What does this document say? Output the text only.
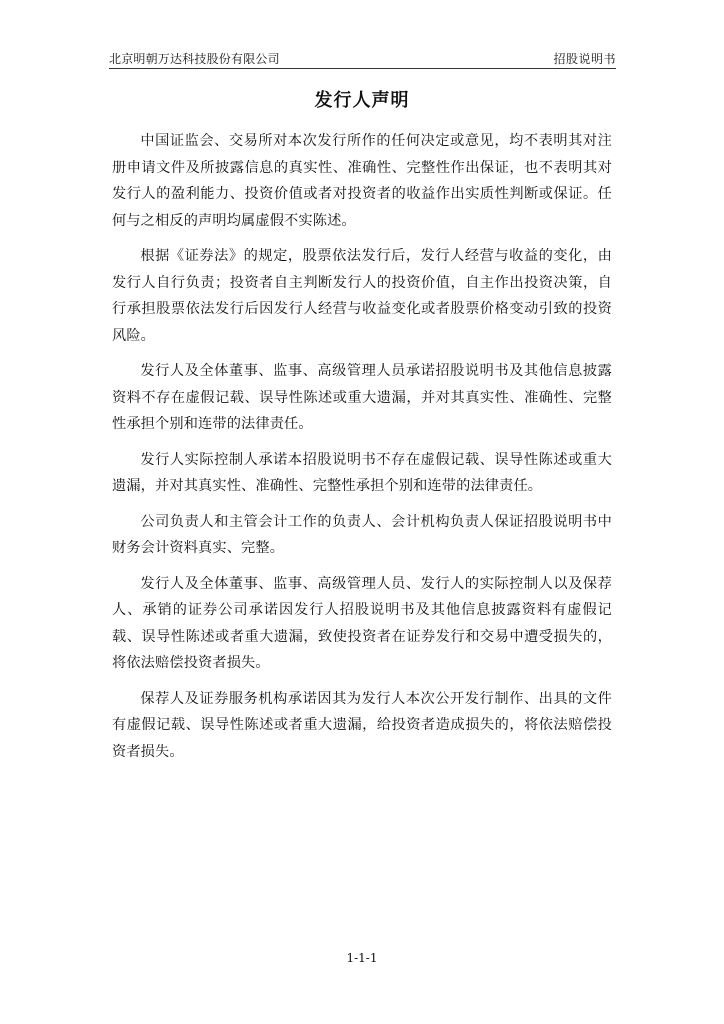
北京明朝万达科技股份有限公司	招股说明书
发行人声明

中国证监会、交易所对本次发行所作的任何决定或意见，均不表明其对注册申请文件及所披露信息的真实性、准确性、完整性作出保证，也不表明其对发行人的盈利能力、投资价值或者对投资者的收益作出实质性判断或保证。任何与之相反的声明均属虚假不实陈述。

根据《证券法》的规定，股票依法发行后，发行人经营与收益的变化，由发行人自行负责；投资者自主判断发行人的投资价值，自主作出投资决策，自行承担股票依法发行后因发行人经营与收益变化或者股票价格变动引致的投资风险。

发行人及全体董事、监事、高级管理人员承诺招股说明书及其他信息披露资料不存在虚假记载、误导性陈述或重大遗漏，并对其真实性、准确性、完整性承担个别和连带的法律责任。

发行人实际控制人承诺本招股说明书不存在虚假记载、误导性陈述或重大遗漏，并对其真实性、准确性、完整性承担个别和连带的法律责任。

公司负责人和主管会计工作的负责人、会计机构负责人保证招股说明书中财务会计资料真实、完整。

发行人及全体董事、监事、高级管理人员、发行人的实际控制人以及保荐人、承销的证券公司承诺因发行人招股说明书及其他信息披露资料有虚假记载、误导性陈述或者重大遗漏，致使投资者在证券发行和交易中遭受损失的，将依法赔偿投资者损失。

保荐人及证券服务机构承诺因其为发行人本次公开发行制作、出具的文件有虚假记载、误导性陈述或者重大遗漏，给投资者造成损失的，将依法赔偿投资者损失。

1-1-1
